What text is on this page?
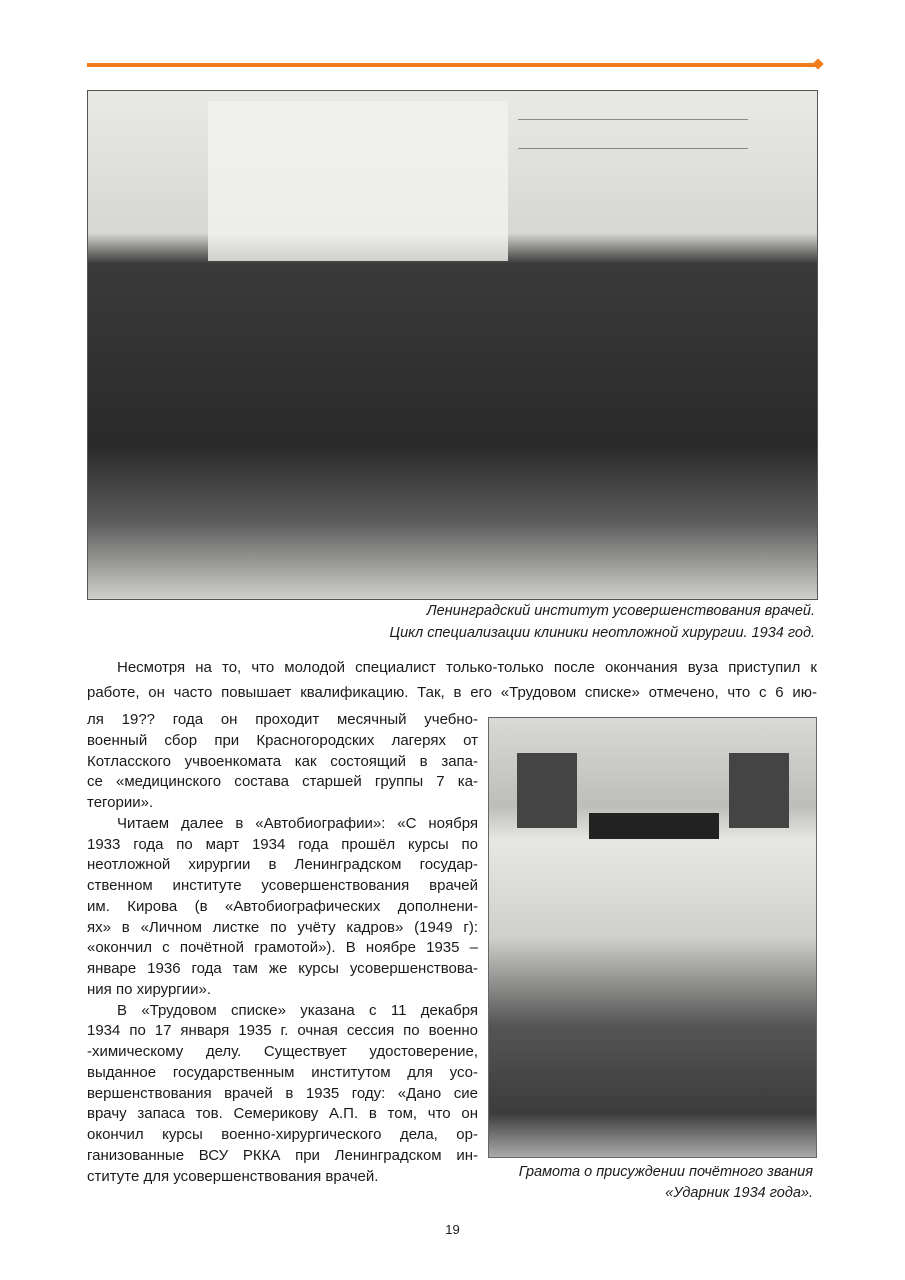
Ленинградский институт усовершенствования врачей.
Цикл специализации клиники неотложной хирургии. 1934 год.
Несмотря на то, что молодой специалист только-только после окончания вуза приступил к
работе, он часто повышает квалификацию. Так, в его «Трудовом списке» отмечено, что с 6 ию-
ля 19?? года он проходит месячный учебно-
военный сбор при Красногородских лагерях от
Котласского учвоенкомата как состоящий в запа-
се «медицинского состава старшей группы 7 ка-
тегории».
Читаем далее в «Автобиографии»: «С ноября
1933 года по март 1934 года прошёл курсы по
неотложной хирургии в Ленинградском государ-
ственном институте усовершенствования врачей
им. Кирова (в «Автобиографических дополнени-
ях» в «Личном листке по учёту кадров» (1949 г):
«окончил с почётной грамотой»). В ноябре 1935 –
январе 1936 года там же курсы усовершенствова-
ния по хирургии».
В «Трудовом списке» указана с 11 декабря
1934 по 17 января 1935 г. очная сессия по военно
-химическому делу. Существует удостоверение,
выданное государственным институтом для усо-
вершенствования врачей в 1935 году: «Дано сие
врачу запаса тов. Семерикову А.П. в том, что он
окончил курсы военно-хирургического дела, ор-
ганизованные ВСУ РККА при Ленинградском ин-
ституте для усовершенствования врачей.	Грамота о присуждении почётного звания
«Ударник 1934 года».
19
